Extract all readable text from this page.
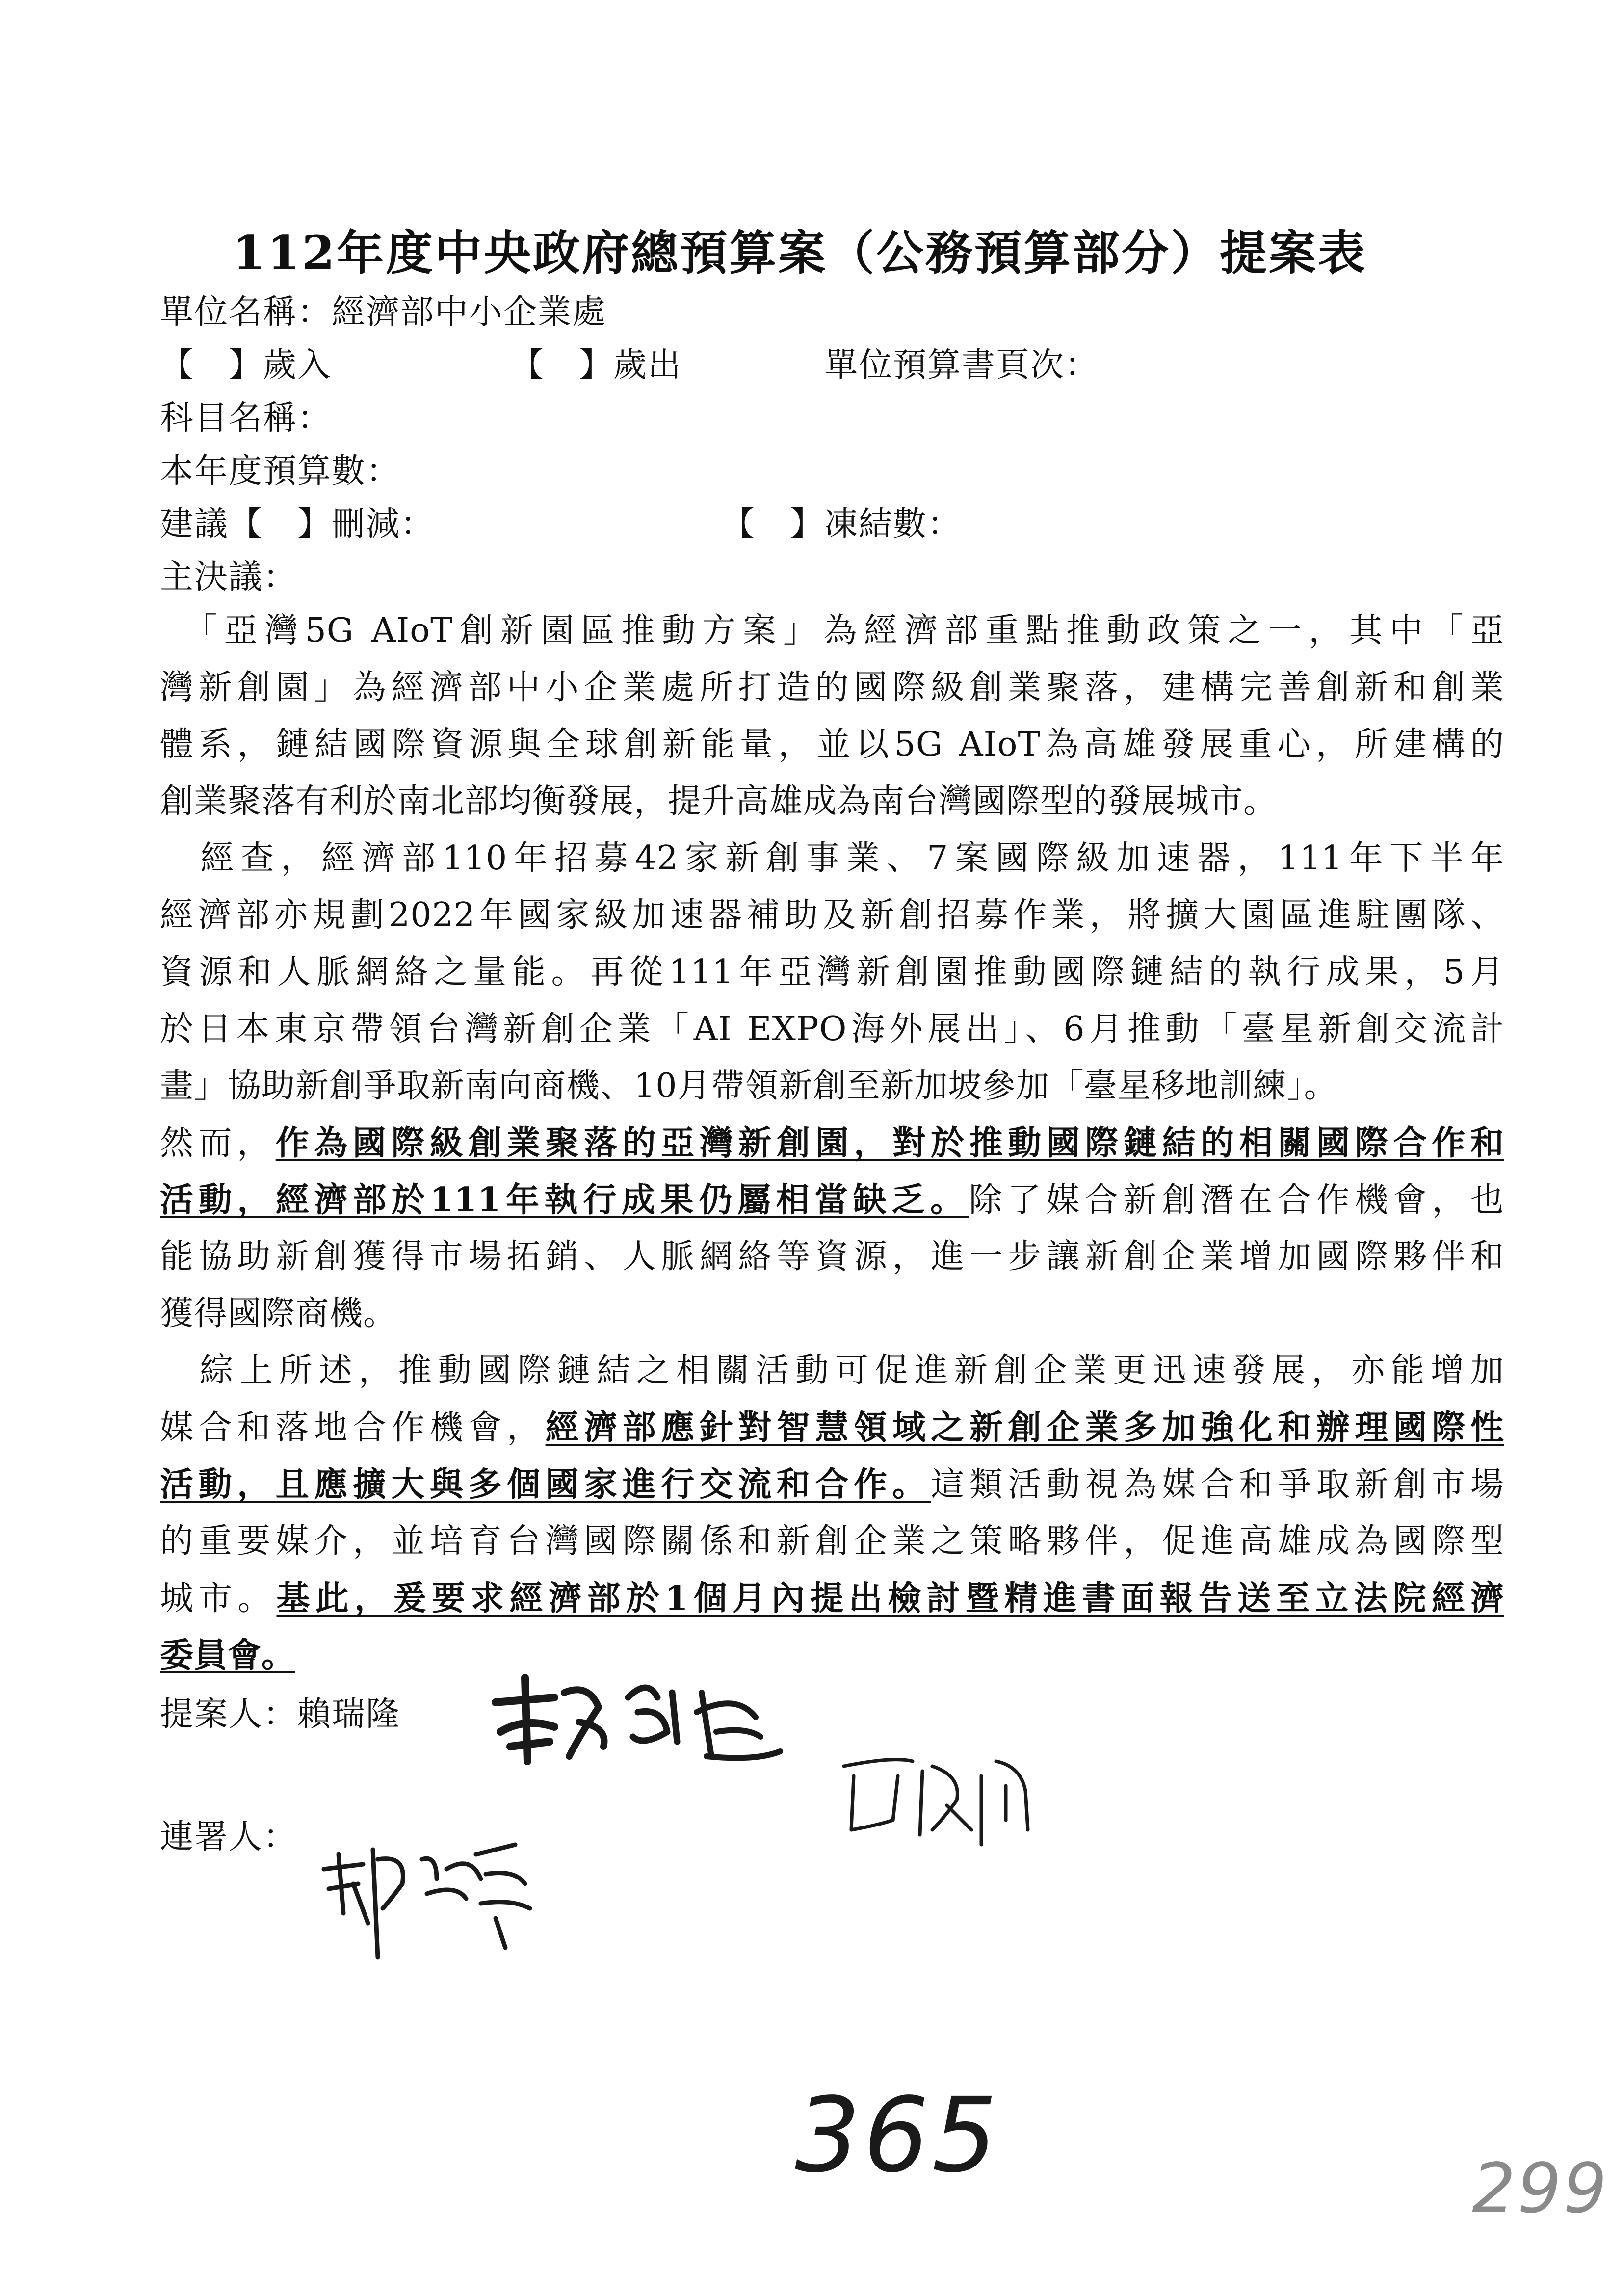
112年度中央政府總預算案（公務預算部分）提案表
單位名稱：經濟部中小企業處
【　】歲入	【　】歲出	單位預算書頁次：
科目名稱：
本年度預算數：
建議【　】刪減：	【　】凍結數：
主決議：
　「亞灣5G AIoT創新園區推動方案」為經濟部重點推動政策之一，其中「亞
灣新創園」為經濟部中小企業處所打造的國際級創業聚落，建構完善創新和創業
體系，鏈結國際資源與全球創新能量，並以5G AIoT為高雄發展重心，所建構的
創業聚落有利於南北部均衡發展，提升高雄成為南台灣國際型的發展城市。
　經查，經濟部110年招募42家新創事業、7案國際級加速器，111年下半年
經濟部亦規劃2022年國家級加速器補助及新創招募作業，將擴大園區進駐團隊、
資源和人脈網絡之量能。再從111年亞灣新創園推動國際鏈結的執行成果，5月
於日本東京帶領台灣新創企業「AI EXPO海外展出」、6月推動「臺星新創交流計
畫」協助新創爭取新南向商機、10月帶領新創至新加坡參加「臺星移地訓練」。
然而，作為國際級創業聚落的亞灣新創園，對於推動國際鏈結的相關國際合作和
活動，經濟部於111年執行成果仍屬相當缺乏。除了媒合新創潛在合作機會，也
能協助新創獲得市場拓銷、人脈網絡等資源，進一步讓新創企業增加國際夥伴和
獲得國際商機。
　綜上所述，推動國際鏈結之相關活動可促進新創企業更迅速發展，亦能增加
媒合和落地合作機會，經濟部應針對智慧領域之新創企業多加強化和辦理國際性
活動，且應擴大與多個國家進行交流和合作。這類活動視為媒合和爭取新創市場
的重要媒介，並培育台灣國際關係和新創企業之策略夥伴，促進高雄成為國際型
城市。基此，爰要求經濟部於1個月內提出檢討暨精進書面報告送至立法院經濟
委員會。
提案人：賴瑞隆
連署人：
365	299
